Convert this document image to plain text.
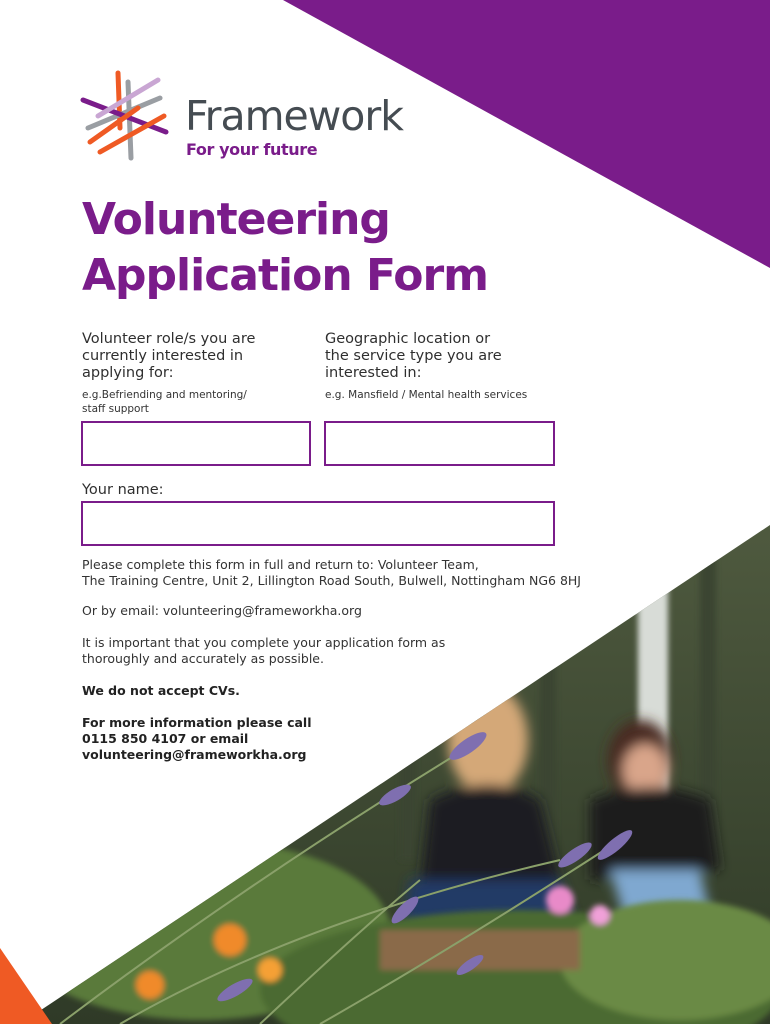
Framework
For your future
Volunteering
Application Form
Volunteer role/s you are
currently interested in
applying for:
e.g.Befriending and mentoring/
staff support
Geographic location or
the service type you are
interested in:
e.g. Mansfield / Mental health services
Your name:
Please complete this form in full and return to: Volunteer Team,
The Training Centre, Unit 2, Lillington Road South, Bulwell, Nottingham NG6 8HJ
Or by email: volunteering@frameworkha.org
It is important that you complete your application form as
thoroughly and accurately as possible.
We do not accept CVs.
For more information please call
0115 850 4107 or email
volunteering@frameworkha.org
